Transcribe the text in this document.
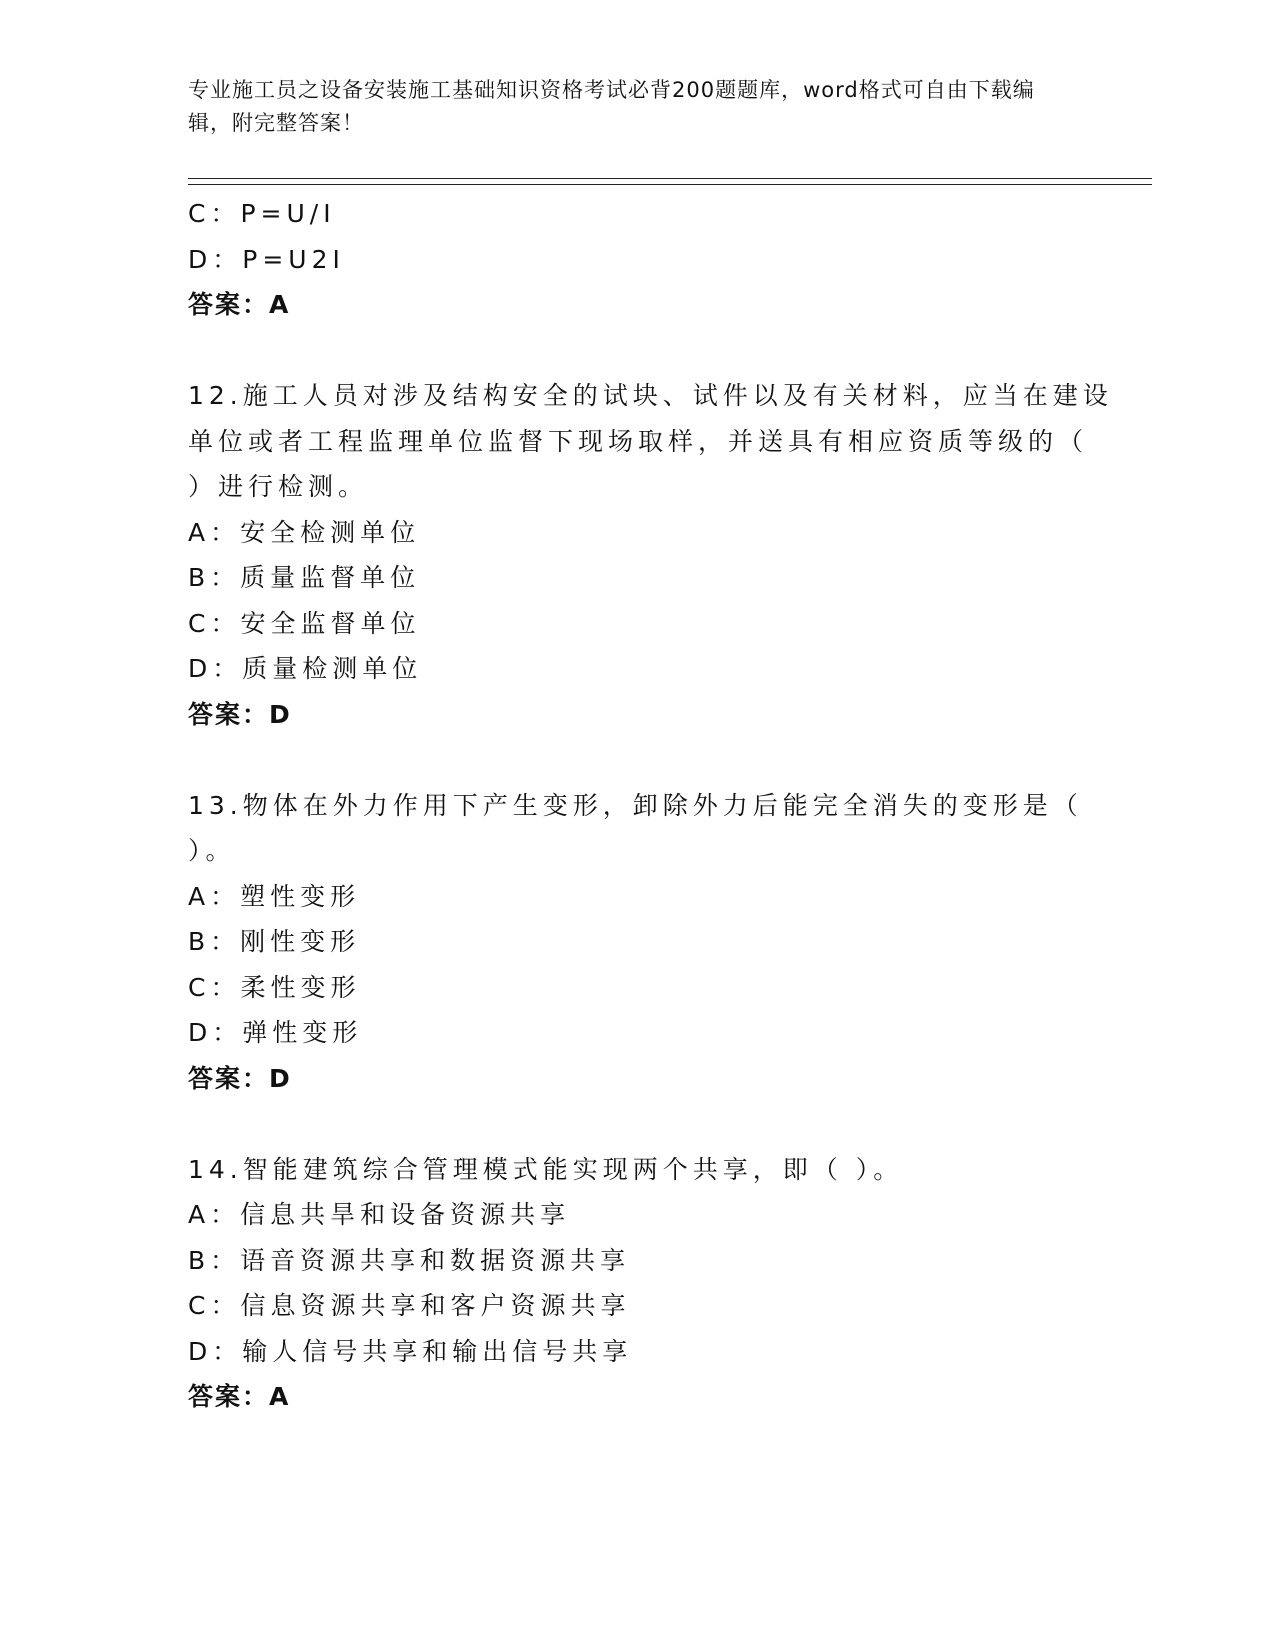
专业施工员之设备安装施工基础知识资格考试必背200题题库，word格式可自由下载编辑，附完整答案！
C：P=U/I
D：P=U2I
答案：A
12.施工人员对涉及结构安全的试块、试件以及有关材料，应当在建设
单位或者工程监理单位监督下现场取样，并送具有相应资质等级的（
）进行检测。
A：安全检测单位
B：质量监督单位
C：安全监督单位
D：质量检测单位
答案：D
13.物体在外力作用下产生变形，卸除外力后能完全消失的变形是（
）。
A：塑性变形
B：刚性变形
C：柔性变形
D：弹性变形
答案：D
14.智能建筑综合管理模式能实现两个共享，即（ ）。
A：信息共旱和设备资源共享
B：语音资源共享和数据资源共享
C：信息资源共享和客户资源共享
D：输人信号共享和输出信号共享
答案：A
